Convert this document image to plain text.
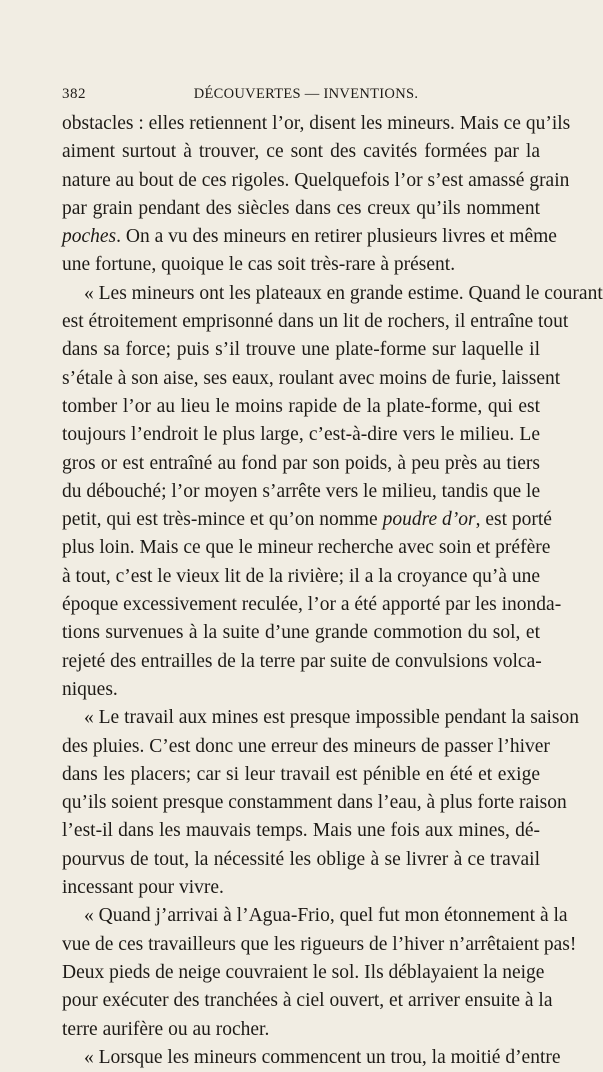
382	DÉCOUVERTES — INVENTIONS.
obstacles : elles retiennent l’or, disent les mineurs. Mais ce qu’ils
aiment surtout à trouver, ce sont des cavités formées par la
nature au bout de ces rigoles. Quelquefois l’or s’est amassé grain
par grain pendant des siècles dans ces creux qu’ils nomment
poches. On a vu des mineurs en retirer plusieurs livres et même
une fortune, quoique le cas soit très-rare à présent.
« Les mineurs ont les plateaux en grande estime. Quand le courant
est étroitement emprisonné dans un lit de rochers, il entraîne tout
dans sa force; puis s’il trouve une plate-forme sur laquelle il
s’étale à son aise, ses eaux, roulant avec moins de furie, laissent
tomber l’or au lieu le moins rapide de la plate-forme, qui est
toujours l’endroit le plus large, c’est-à-dire vers le milieu. Le
gros or est entraîné au fond par son poids, à peu près au tiers
du débouché; l’or moyen s’arrête vers le milieu, tandis que le
petit, qui est très-mince et qu’on nomme poudre d’or, est porté
plus loin. Mais ce que le mineur recherche avec soin et préfère
à tout, c’est le vieux lit de la rivière; il a la croyance qu’à une
époque excessivement reculée, l’or a été apporté par les inonda-
tions survenues à la suite d’une grande commotion du sol, et
rejeté des entrailles de la terre par suite de convulsions volca-
niques.
« Le travail aux mines est presque impossible pendant la saison
des pluies. C’est donc une erreur des mineurs de passer l’hiver
dans les placers; car si leur travail est pénible en été et exige
qu’ils soient presque constamment dans l’eau, à plus forte raison
l’est-il dans les mauvais temps. Mais une fois aux mines, dé-
pourvus de tout, la nécessité les oblige à se livrer à ce travail
incessant pour vivre.
« Quand j’arrivai à l’Agua-Frio, quel fut mon étonnement à la
vue de ces travailleurs que les rigueurs de l’hiver n’arrêtaient pas!
Deux pieds de neige couvraient le sol. Ils déblayaient la neige
pour exécuter des tranchées à ciel ouvert, et arriver ensuite à la
terre aurifère ou au rocher.
« Lorsque les mineurs commencent un trou, la moitié d’entre
